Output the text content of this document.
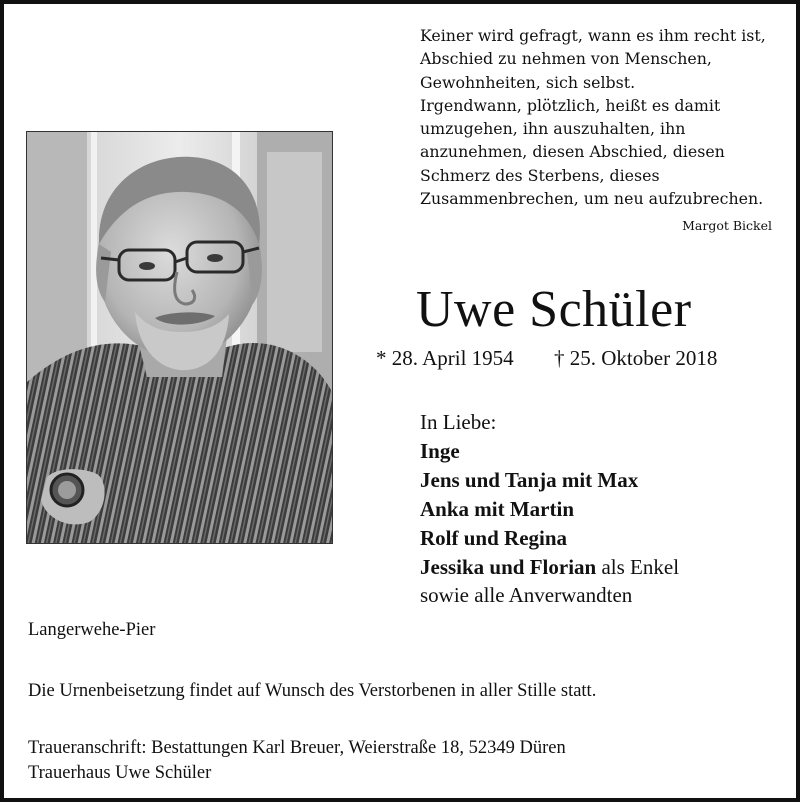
Keiner wird gefragt, wann es ihm recht ist,
Abschied zu nehmen von Menschen,
Gewohnheiten, sich selbst.
Irgendwann, plötzlich, heißt es damit
umzugehen, ihn auszuhalten, ihn
anzunehmen, diesen Abschied, diesen
Schmerz des Sterbens, dieses
Zusammenbrechen, um neu aufzubrechen.
Margot Bickel
Uwe Schüler
* 28. April 1954 † 25. Oktober 2018
In Liebe:
Inge
Jens und Tanja mit Max
Anka mit Martin
Rolf und Regina
Jessika und Florian als Enkel
sowie alle Anverwandten
Langerwehe-Pier
Die Urnenbeisetzung findet auf Wunsch des Verstorbenen in aller Stille statt.
Traueranschrift: Bestattungen Karl Breuer, Weierstraße 18, 52349 Düren
Trauerhaus Uwe Schüler
